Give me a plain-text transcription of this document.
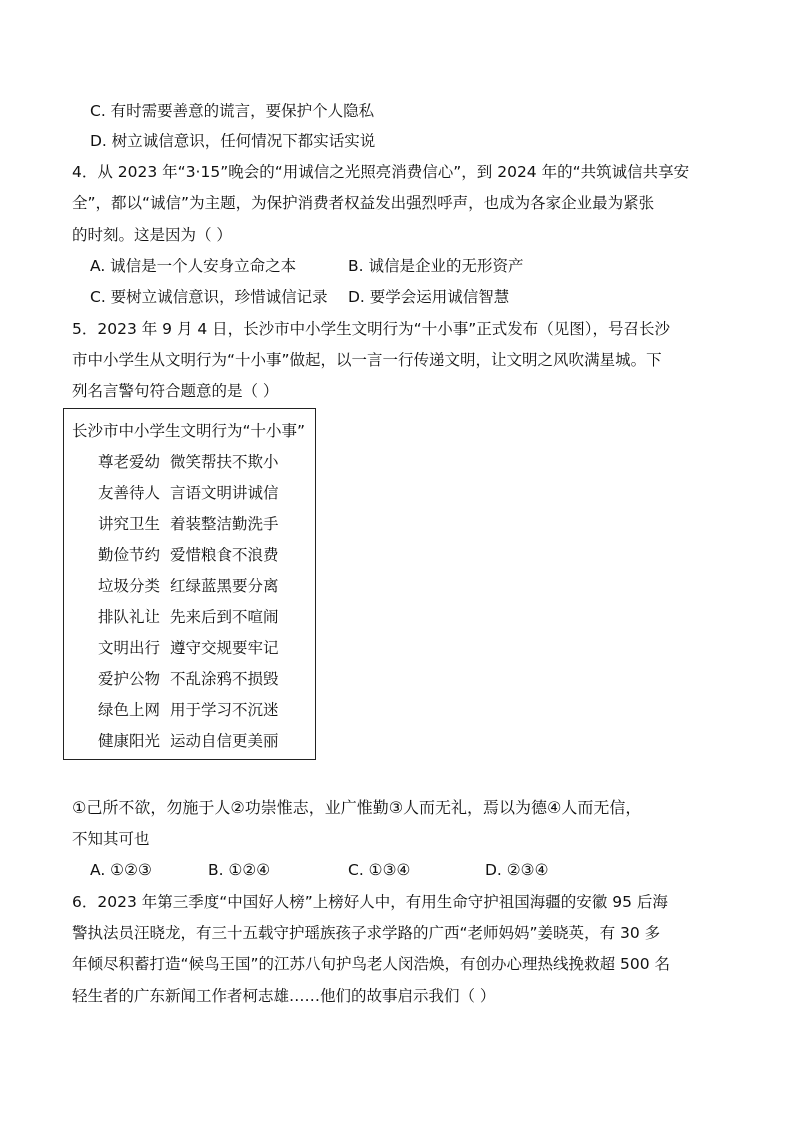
C. 有时需要善意的谎言，要保护个人隐私
D. 树立诚信意识，任何情况下都实话实说
4．从 2023 年“3·15”晚会的“用诚信之光照亮消费信心”，到 2024 年的“共筑诚信共享安
全”，都以“诚信”为主题，为保护消费者权益发出强烈呼声，也成为各家企业最为紧张
的时刻。这是因为（ ）
A. 诚信是一个人安身立命之本	B. 诚信是企业的无形资产
C. 要树立诚信意识，珍惜诚信记录 D. 要学会运用诚信智慧
5．2023 年 9 月 4 日，长沙市中小学生文明行为“十小事”正式发布（见图），号召长沙
市中小学生从文明行为“十小事”做起，以一言一行传递文明，让文明之风吹满星城。下
列名言警句符合题意的是（ ）
长沙市中小学生文明行为“十小事”
尊老爱幼 微笑帮扶不欺小
友善待人 言语文明讲诚信
讲究卫生 着装整洁勤洗手
勤俭节约 爱惜粮食不浪费
垃圾分类 红绿蓝黑要分离
排队礼让 先来后到不喧闹
文明出行 遵守交规要牢记
爱护公物 不乱涂鸦不损毁
绿色上网 用于学习不沉迷
健康阳光 运动自信更美丽
①己所不欲，勿施于人②功崇惟志，业广惟勤③人而无礼，焉以为德④人而无信，
不知其可也
A. ①②③	B. ①②④	C. ①③④	D. ②③④
6．2023 年第三季度“中国好人榜”上榜好人中，有用生命守护祖国海疆的安徽 95 后海
警执法员汪晓龙，有三十五载守护瑶族孩子求学路的广西“老师妈妈”姜晓英，有 30 多
年倾尽积蓄打造“候鸟王国”的江苏八旬护鸟老人闵浩焕，有创办心理热线挽救超 500 名
轻生者的广东新闻工作者柯志雄……他们的故事启示我们（ ）
